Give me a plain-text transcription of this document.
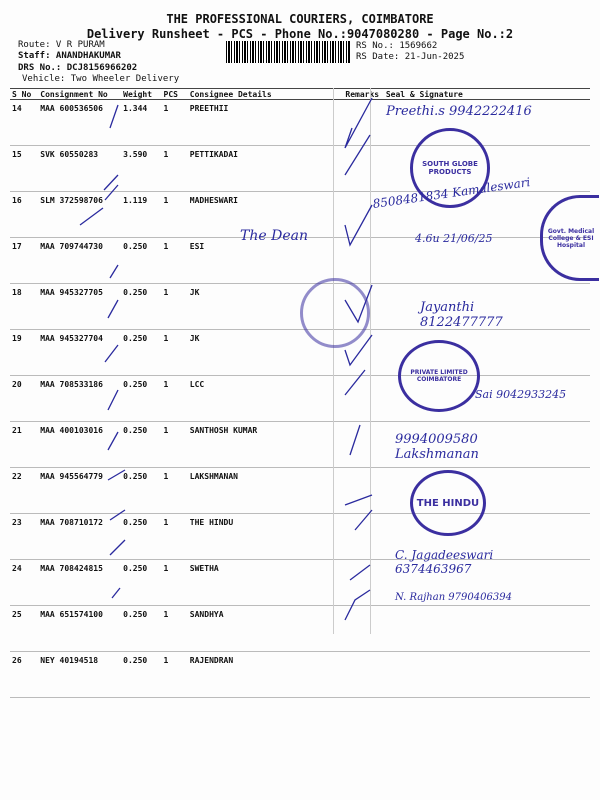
THE PROFESSIONAL COURIERS, COIMBATORE
Delivery Runsheet - PCS - Phone No.:9047080280 - Page No.:2
Route: V R PURAM
Staff: ANANDHAKUMAR
DRS No.: DCJ8156966202
Vehicle: Two Wheeler Delivery
RS No.: 1569662
RS Date: 21-Jun-2025
S No	Consignment No	Weight	PCS	Consignee Details	Remarks	Seal & Signature
14	MAA 600536506	1.344	1	PREETHII		
15	SVK 60550283	3.590	1	PETTIKADAI		
16	SLM 372598706	1.119	1	MADHESWARI		
17	MAA 709744730	0.250	1	ESI		
18	MAA 945327705	0.250	1	JK		
19	MAA 945327704	0.250	1	JK		
20	MAA 708533186	0.250	1	LCC		
21	MAA 400103016	0.250	1	SANTHOSH KUMAR		
22	MAA 945564779	0.250	1	LAKSHMANAN		
23	MAA 708710172	0.250	1	THE HINDU		
24	MAA 708424815	0.250	1	SWETHA		
25	MAA 651574100	0.250	1	SANDHYA		
26	NEY 40194518	0.250	1	RAJENDRAN		
SOUTH GLOBE PRODUCTS
Govt. Medical College & ESI Hospital
PRIVATE LIMITED COIMBATORE
THE HINDU
Preethi.s 9942222416
8508481834 Kamaleswari
The Dean	4.6u 21/06/25
Jayanthi 8122477777
Sai 9042933245
9994009580 Lakshmanan
C. Jagadeeswari 6374463967
N. Rajhan 9790406394
